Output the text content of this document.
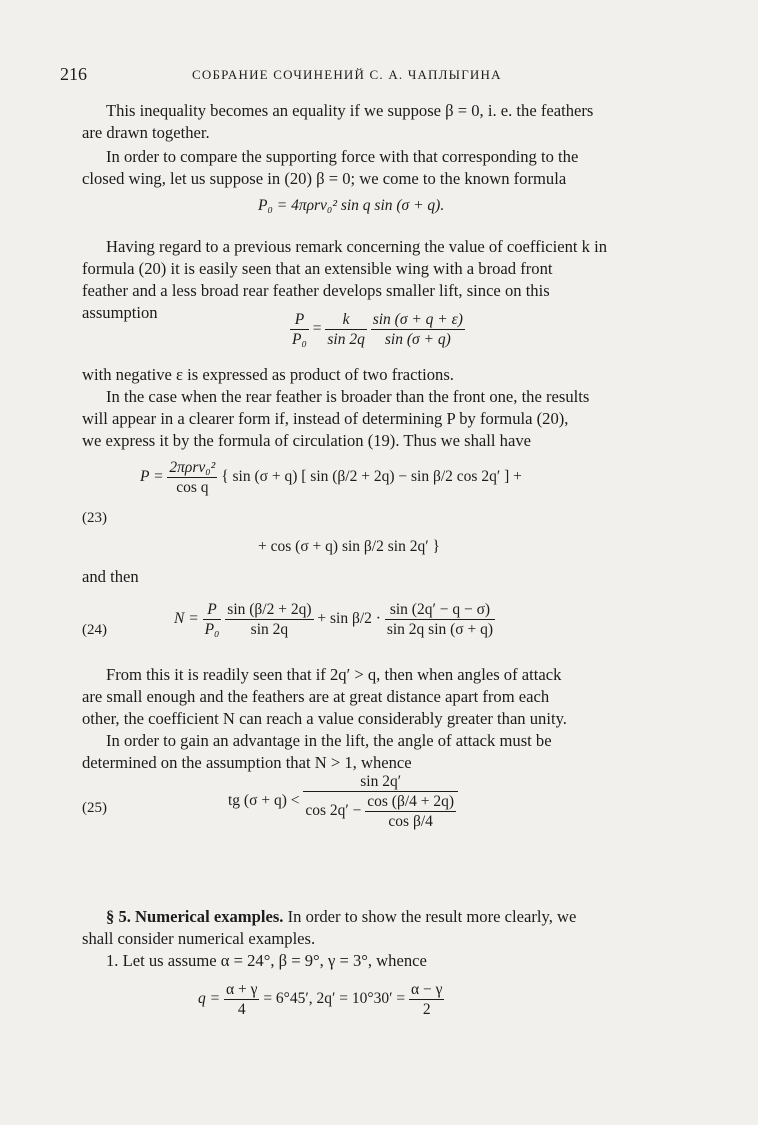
216	СОБРАНИЕ СОЧИНЕНИЙ С. А. ЧАПЛЫГИНА
This inequality becomes an equality if we suppose β = 0, i. e. the feathers
are drawn together.
In order to compare the supporting force with that corresponding to the
closed wing, let us suppose in (20) β = 0; we come to the known formula
P₀ = 4πρrv₀² sin q sin (σ + q).
Having regard to a previous remark concerning the value of coefficient k in
formula (20) it is easily seen that an extensible wing with a broad front
feather and a less broad rear feather develops smaller lift, since on this
assumption	$\frac{P}{\text{P₀}} = \frac{k}{\sin 2q}$
$\frac{\sin (\sigma + q + \varepsilon)}{\sin (\sigma + q)}$
with negative ε is expressed as product of two fractions.
In the case when the rear feather is broader than the front one, the results
will appear in a clearer form if, instead of determining P by formula (20),
we express it by the formula of circulation (19). Thus we shall have
$P = \frac{\text{2πρrv₀²}}{\text{cos q}}$ { sin (σ + q) [ sin (β/2 + 2q) − sin β/2 cos 2q′ ] +
(23)
+ cos (σ + q) sin β/2 sin 2q′ }
and then
(24)
$N = \frac{P}{\text{P₀}}$
$\frac{\sin (\beta/2 + 2q)}{\sin 2q} + \sin \beta/2 \cdot \frac{\sin (2q' - q - \sigma)}{\text{sin 2q sin (σ + q)}}$
From this it is readily seen that if 2q′ > q, then when angles of attack
are small enough and the feathers are at great distance apart from each
other, the coefficient N can reach a value considerably greater than unity.
In order to gain an advantage in the lift, the angle of attack must be
determined on the assumption that N > 1, whence
(25)	tg $(\sigma + q) < \frac{\sin 2q'}{\cos 2q' - \frac{\cos (\beta/4 + 2q)}{\text{cos β/4}}}$
§ 5. Numerical examples. In order to show the result more clearly, we
shall consider numerical examples.
1. Let us assume α = 24°, β = 9°, γ = 3°, whence
$q = \frac{\alpha + \gamma}{4} = 6^\circ 45'$, $2q' = 10^\circ 30' = \frac{\alpha - \gamma}{2}$
